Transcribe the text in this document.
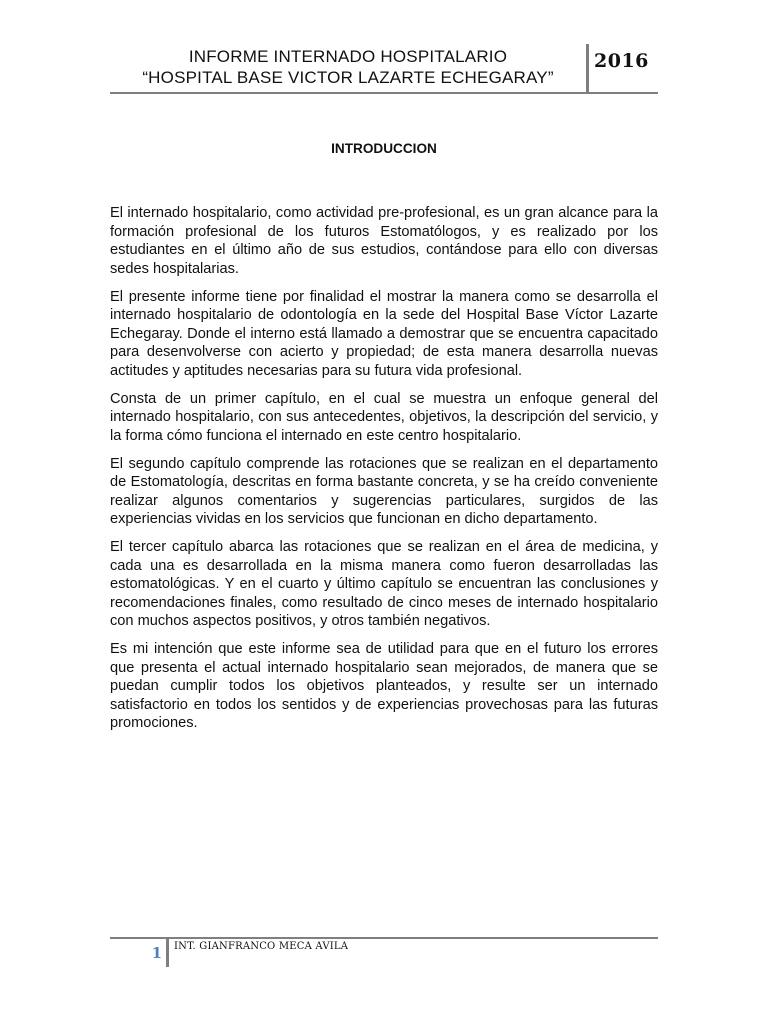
INFORME INTERNADO HOSPITALARIO
“HOSPITAL BASE VICTOR LAZARTE ECHEGARAY”
2016
INTRODUCCION

El internado hospitalario, como actividad pre-profesional, es un gran alcance para la formación profesional de los futuros Estomatólogos, y es realizado por los estudiantes en el último año de sus estudios, contándose para ello con diversas sedes hospitalarias.

El presente informe tiene por finalidad el mostrar la manera como se desarrolla el internado hospitalario de odontología en la sede del Hospital Base Víctor Lazarte Echegaray. Donde el interno está llamado a demostrar que se encuentra capacitado para desenvolverse con acierto y propiedad; de esta manera desarrolla nuevas actitudes y aptitudes necesarias para su futura vida profesional.

Consta de un primer capítulo, en el cual se muestra un enfoque general del internado hospitalario, con sus antecedentes, objetivos, la descripción del servicio, y la forma cómo funciona el internado en este centro hospitalario.

El segundo capítulo comprende las rotaciones que se realizan en el departamento de Estomatología, descritas en forma bastante concreta, y se ha creído conveniente realizar algunos comentarios y sugerencias particulares, surgidos de las experiencias vividas en los servicios que funcionan en dicho departamento.

El tercer capítulo abarca las rotaciones que se realizan en el área de medicina, y cada una es desarrollada en la misma manera como fueron desarrolladas las estomatológicas. Y en el cuarto y último capítulo se encuentran las conclusiones y recomendaciones finales, como resultado de cinco meses de internado hospitalario con muchos aspectos positivos, y otros también negativos.

Es mi intención que este informe sea de utilidad para que en el futuro los errores que presenta el actual internado hospitalario sean mejorados, de manera que se puedan cumplir todos los objetivos planteados, y resulte ser un internado satisfactorio en todos los sentidos y de experiencias provechosas para las futuras promociones.

1 INT. GIANFRANCO MECA AVILA
